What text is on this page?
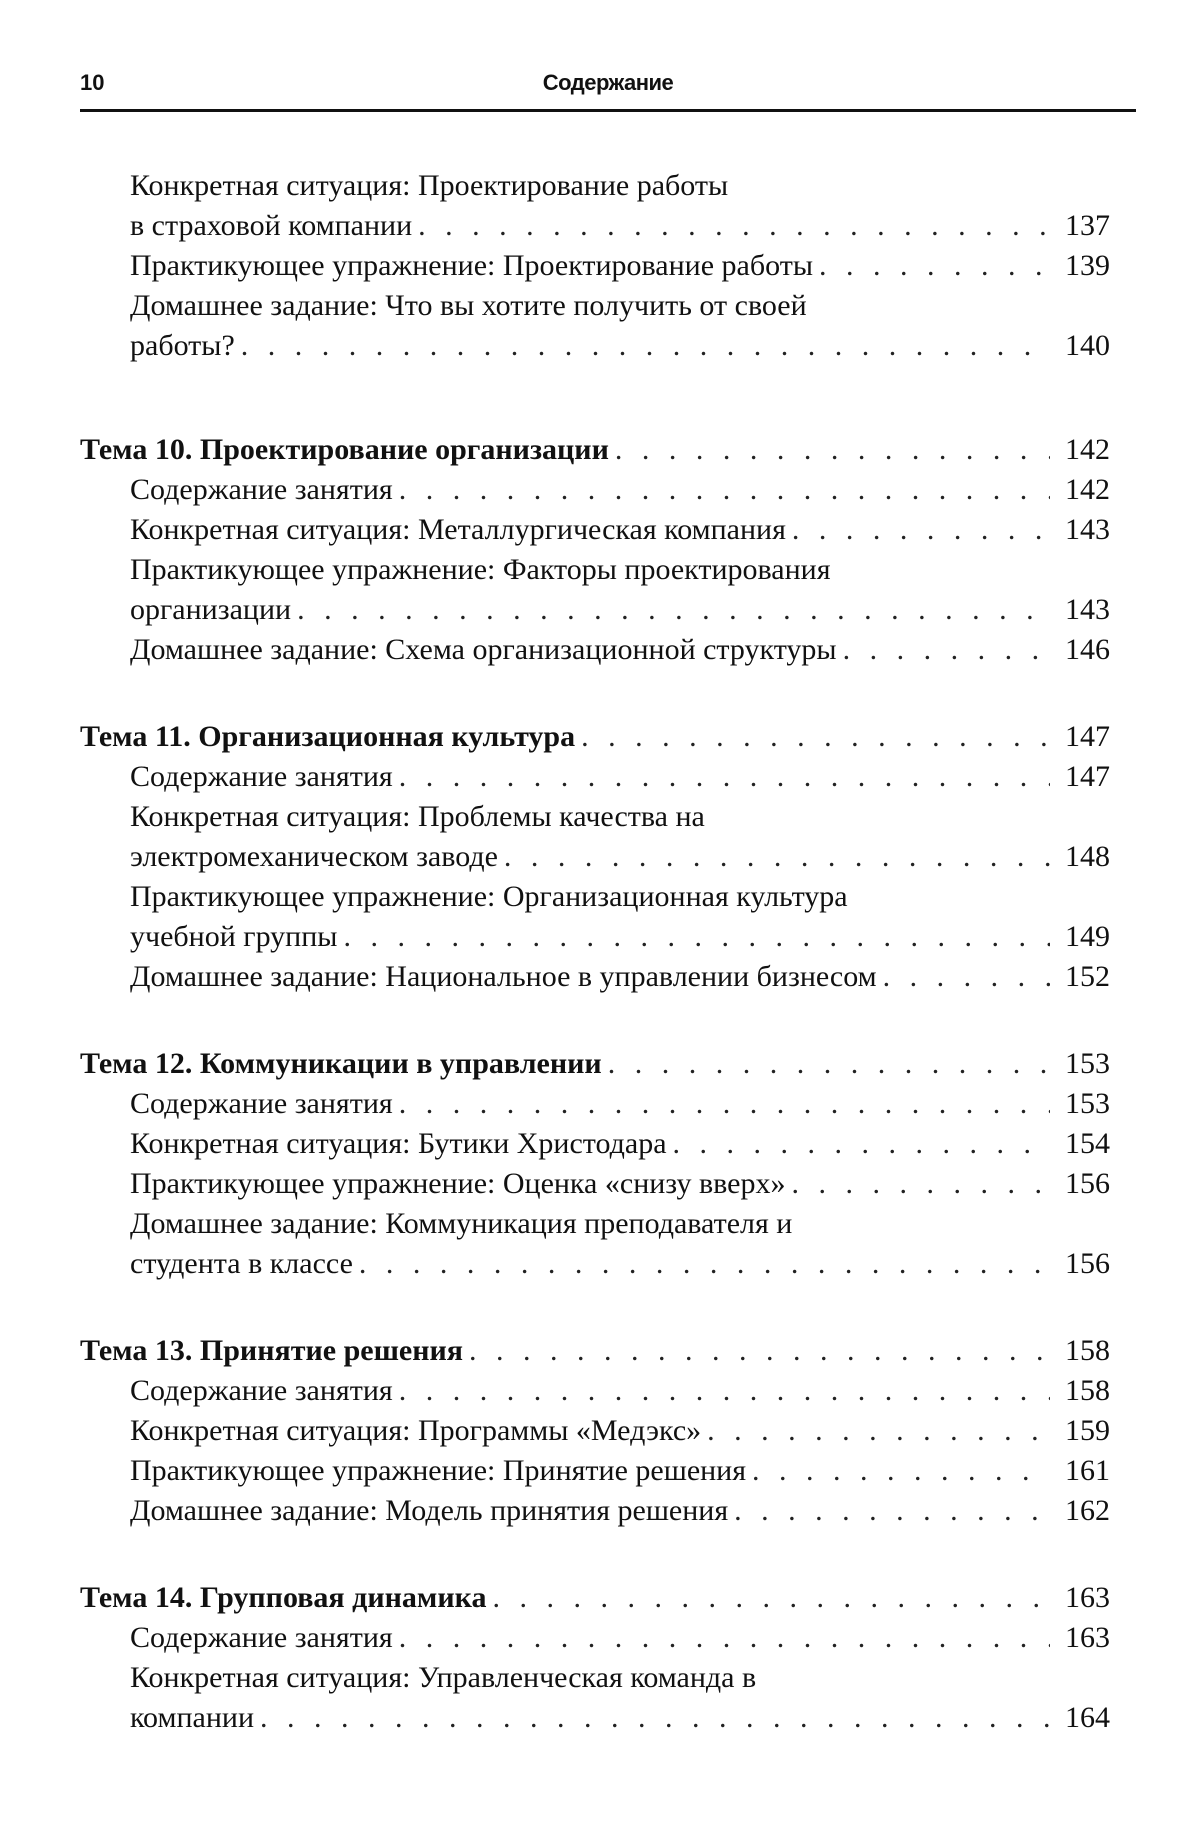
10	Содержание
Конкретная ситуация: Проектирование работы
в страховой компании . . .	137
Практикующее упражнение: Проектирование работы . . .	139
Домашнее задание: Что вы хотите получить от своей
работы? . . .	140
Тема 10. Проектирование организации . . .	142
Содержание занятия . . .	142
Конкретная ситуация: Металлургическая компания . . .	143
Практикующее упражнение: Факторы проектирования
организации . . .	143
Домашнее задание: Схема организационной структуры . . .	146
Тема 11. Организационная культура . . .	147
Содержание занятия . . .	147
Конкретная ситуация: Проблемы качества на
электромеханическом заводе . . .	148
Практикующее упражнение: Организационная культура
учебной группы . . .	149
Домашнее задание: Национальное в управлении бизнесом . . .	152
Тема 12. Коммуникации в управлении . . .	153
Содержание занятия . . .	153
Конкретная ситуация: Бутики Христодара . . .	154
Практикующее упражнение: Оценка «снизу вверх» . . .	156
Домашнее задание: Коммуникация преподавателя и
студента в классе . . .	156
Тема 13. Принятие решения . . .	158
Содержание занятия . . .	158
Конкретная ситуация: Программы «Медэкс» . . .	159
Практикующее упражнение: Принятие решения . . .	161
Домашнее задание: Модель принятия решения . . .	162
Тема 14. Групповая динамика . . .	163
Содержание занятия . . .	163
Конкретная ситуация: Управленческая команда в
компании . . .	164
